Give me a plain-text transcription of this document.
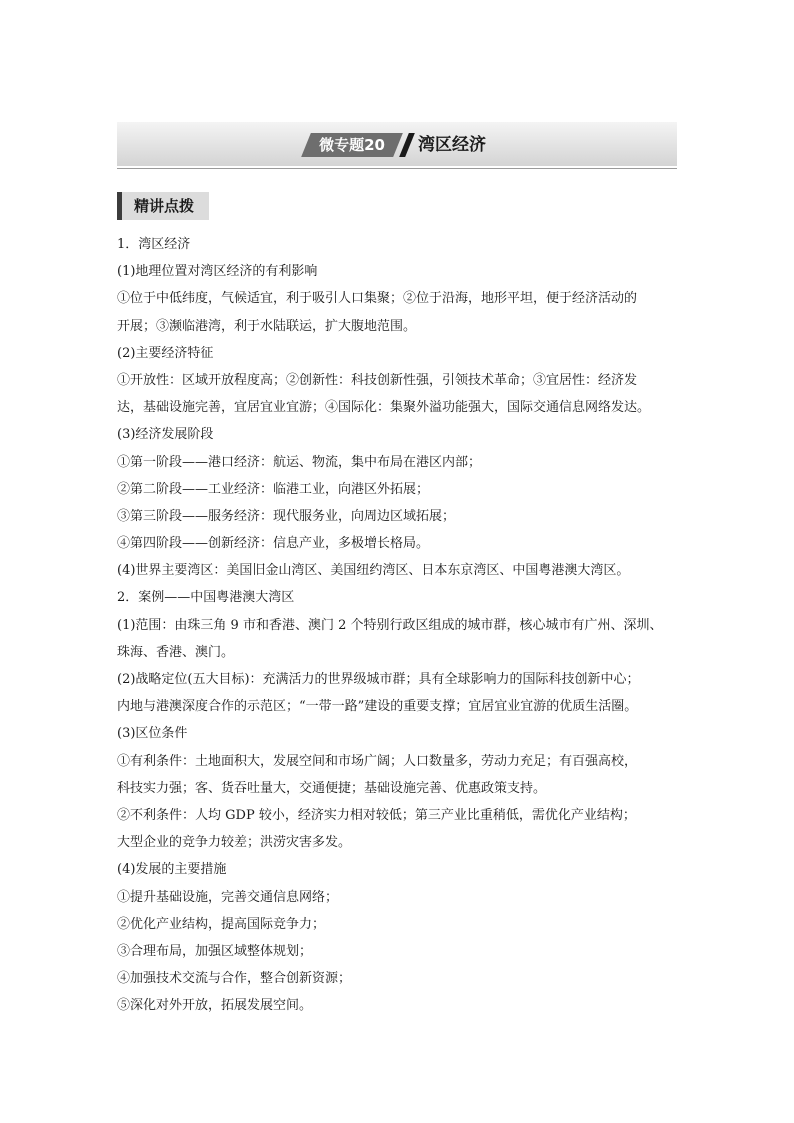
微专题20	湾区经济
精讲点拨
1．湾区经济
(1)地理位置对湾区经济的有利影响
①位于中低纬度，气候适宜，利于吸引人口集聚；②位于沿海，地形平坦，便于经济活动的
开展；③濒临港湾，利于水陆联运，扩大腹地范围。
(2)主要经济特征
①开放性：区域开放程度高；②创新性：科技创新性强，引领技术革命；③宜居性：经济发
达，基础设施完善，宜居宜业宜游；④国际化：集聚外溢功能强大，国际交通信息网络发达。
(3)经济发展阶段
①第一阶段——港口经济：航运、物流，集中布局在港区内部；
②第二阶段——工业经济：临港工业，向港区外拓展；
③第三阶段——服务经济：现代服务业，向周边区域拓展；
④第四阶段——创新经济：信息产业，多极增长格局。
(4)世界主要湾区：美国旧金山湾区、美国纽约湾区、日本东京湾区、中国粤港澳大湾区。
2．案例——中国粤港澳大湾区
(1)范围：由珠三角 9 市和香港、澳门 2 个特别行政区组成的城市群，核心城市有广州、深圳、
珠海、香港、澳门。
(2)战略定位(五大目标)：充满活力的世界级城市群；具有全球影响力的国际科技创新中心；
内地与港澳深度合作的示范区；“一带一路”建设的重要支撑；宜居宜业宜游的优质生活圈。
(3)区位条件
①有利条件：土地面积大，发展空间和市场广阔；人口数量多，劳动力充足；有百强高校，
科技实力强；客、货吞吐量大，交通便捷；基础设施完善、优惠政策支持。
②不利条件：人均 GDP 较小，经济实力相对较低；第三产业比重稍低，需优化产业结构；
大型企业的竞争力较差；洪涝灾害多发。
(4)发展的主要措施
①提升基础设施，完善交通信息网络；
②优化产业结构，提高国际竞争力；
③合理布局，加强区域整体规划；
④加强技术交流与合作，整合创新资源；
⑤深化对外开放，拓展发展空间。
